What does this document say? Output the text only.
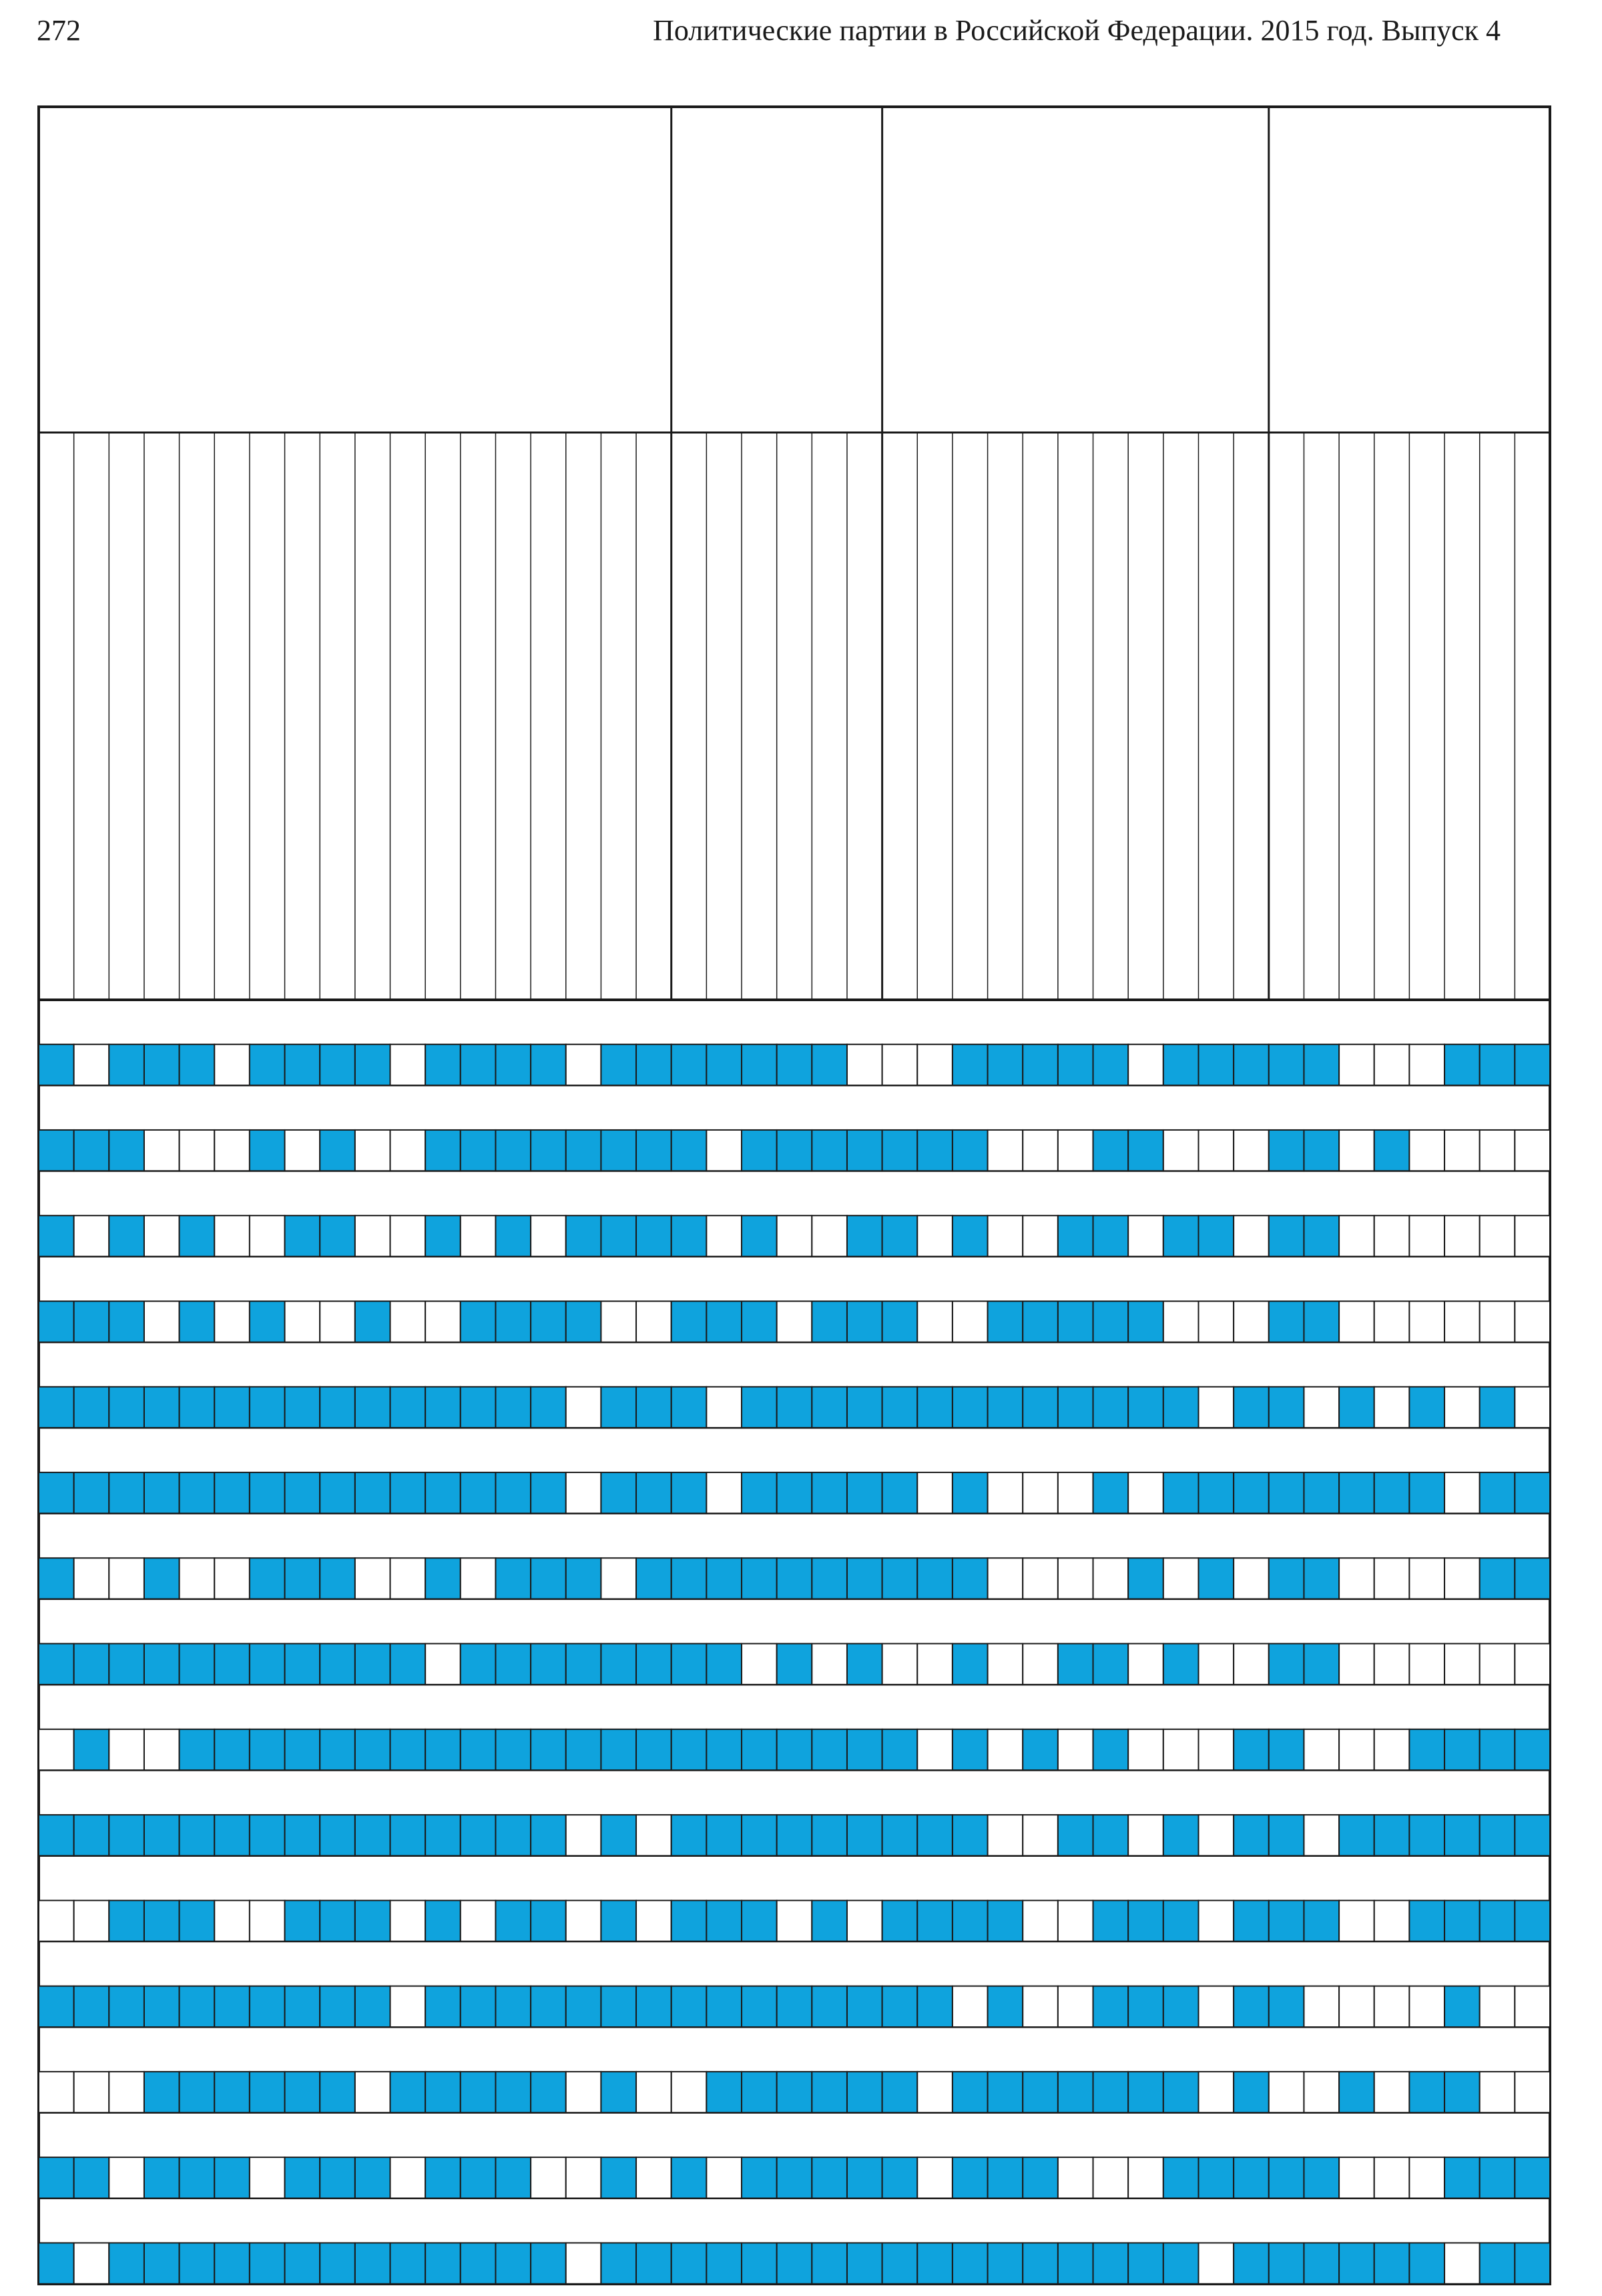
272	Политические партии в Российской Федерации. 2015 год. Выпуск 4
